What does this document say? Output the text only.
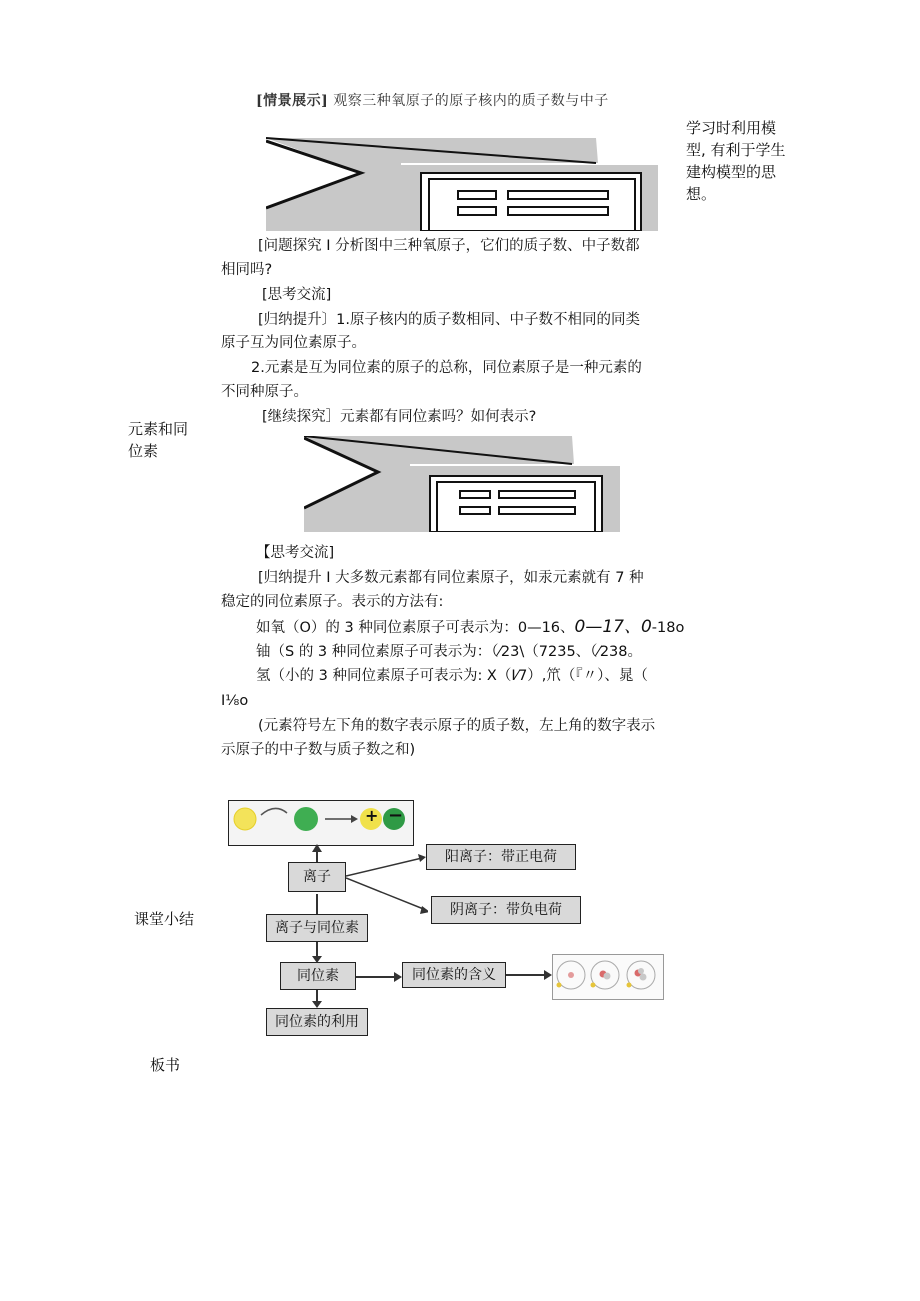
元素和同
位素
课堂小结
板书
学习时利用模
型, 有利于学生
建构模型的思
想。
[情景展示] 观察三种氧原子的原子核内的质子数与中子
[问题探究 I 分析图中三种氧原子，它们的质子数、中子数都
相同吗?
[思考交流]
[归纳提升〕1.原子核内的质子数相同、中子数不相同的同类
原子互为同位素原子。
2.元素是互为同位素的原子的总称，同位素原子是一种元素的
不同种原子。
[继续探究］元素都有同位素吗？如何表示?
【思考交流]
[归纳提升 I 大多数元素都有同位素原子，如汞元素就有 7 种
稳定的同位素原子。表示的方法有:
如氧（O）的 3 种同位素原子可表示为：0—16、0—17、0-18o
铀（S 的 3 种同位素原子可表示为：（⁄23\（7235、（⁄238。
氢（小的 3 种同位素原子可表示为: X（I⁄7）,笊（『〃）、晁（
I⅛o
(元素符号左下角的数字表示原子的质子数，左上角的数字表示
示原子的中子数与质子数之和)
+ −
离子
阳离子：带正电荷
阴离子：带负电荷
离子与同位素
同位素	同位素的含义
同位素的利用
